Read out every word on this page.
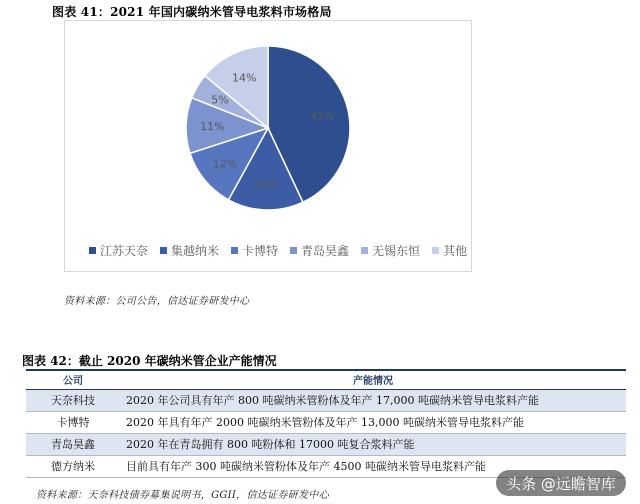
图表 41：2021 年国内碳纳米管导电浆料市场格局
43%
15%
12%
11%
5%
14%
江苏天奈 集越纳米 卡博特 青岛昊鑫 无锡东恒 其他
资料来源：公司公告，信达证券研发中心
图表 42：截止 2020 年碳纳米管企业产能情况
公司	产能情况
天奈科技	2020 年公司具有年产 800 吨碳纳米管粉体及年产 17,000 吨碳纳米管导电浆料产能
卡博特	2020 年具有年产 2000 吨碳纳米管粉体及年产 13,000 吨碳纳米管导电浆料产能
青岛昊鑫	2020 年在青岛拥有 800 吨粉体和 17000 吨复合浆料产能
德方纳米	目前具有年产 300 吨碳纳米管粉体及年产 4500 吨碳纳米管导电浆料产能
资料来源：天奈科技债券募集说明书，GGII，信达证券研发中心
头条 @远瞻智库
